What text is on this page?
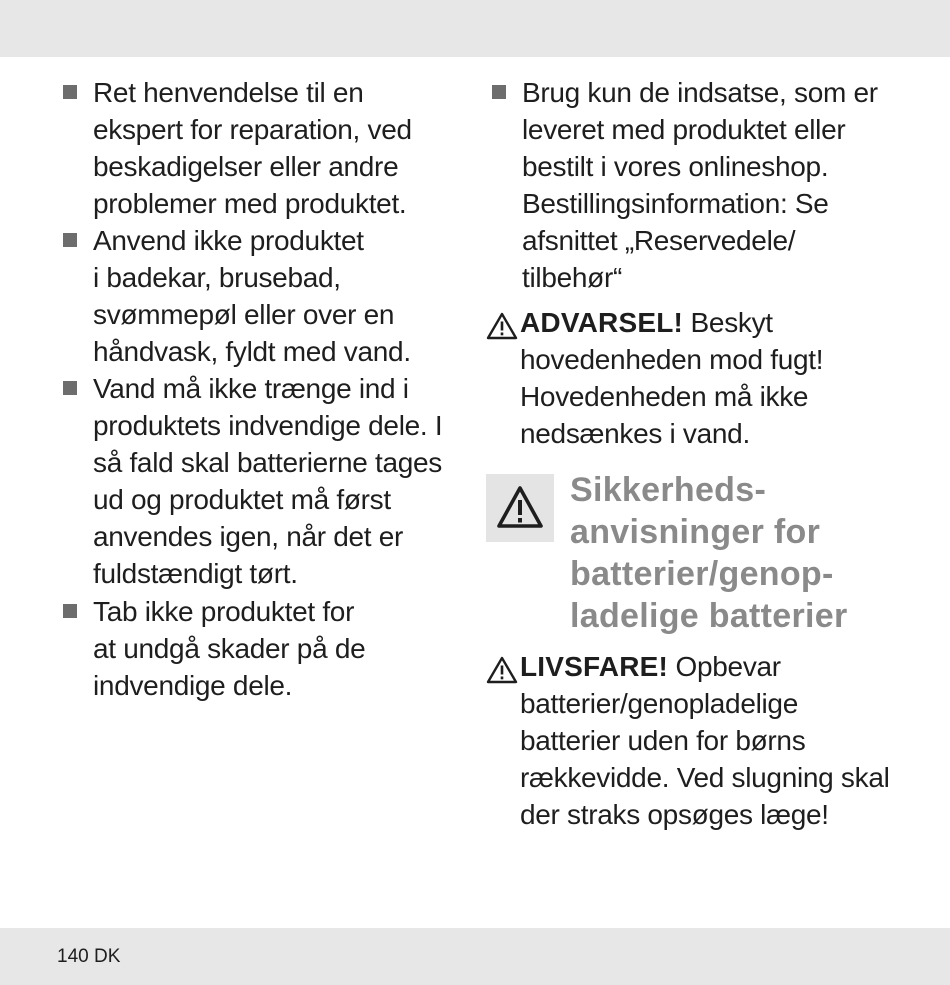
Ret henvendelse til en
ekspert for reparation, ved
beskadigelser eller andre
problemer med produktet.

Anvend ikke produktet
i badekar, brusebad,
svømmepøl eller over en
håndvask, fyldt med vand.

Vand må ikke trænge ind i
produktets indvendige dele. I
så fald skal batterierne tages
ud og produktet må først
anvendes igen, når det er
fuldstændigt tørt.

Tab ikke produktet for
at undgå skader på de
indvendige dele.

Brug kun de indsatse, som er
leveret med produktet eller
bestilt i vores onlineshop.
Bestillingsinformation: Se
afsnittet „Reservedele/
tilbehør“

ADVARSEL! Beskyt
hovedenheden mod fugt!
Hovedenheden må ikke
nedsænkes i vand.

Sikkerheds-
anvisninger for
batterier/genop-
ladelige batterier

LIVSFARE! Opbevar
batterier/genopladelige
batterier uden for børns
rækkevidde. Ved slugning skal
der straks opsøges læge!

140 DK
